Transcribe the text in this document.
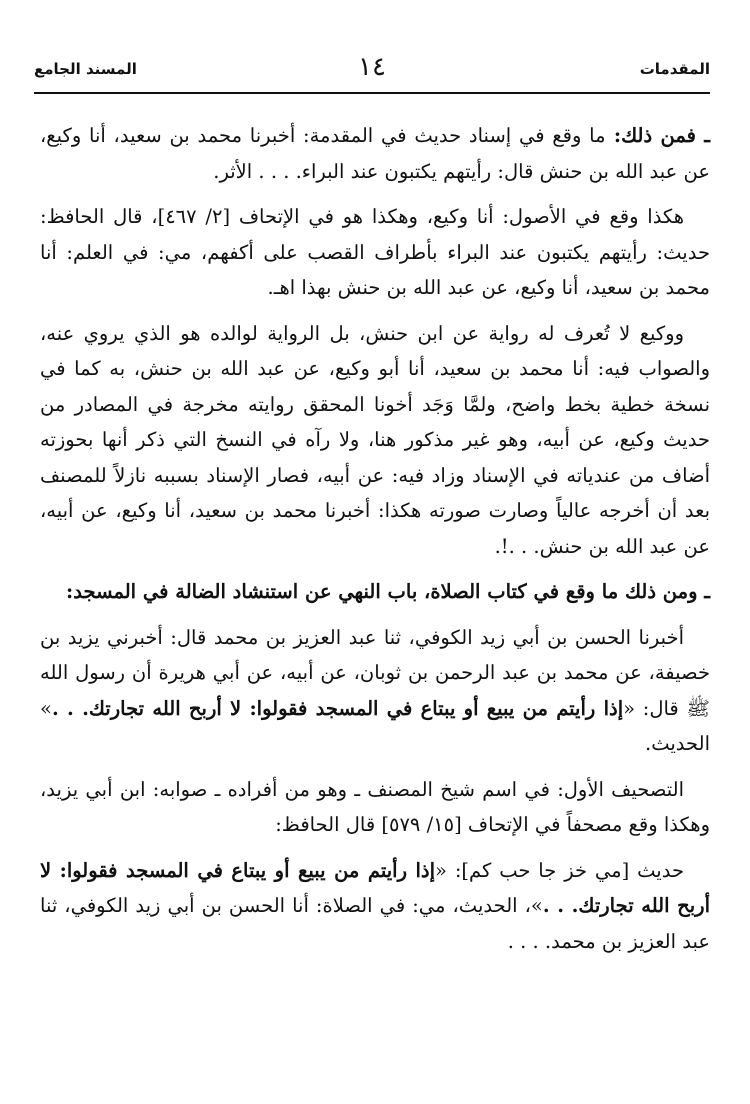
المقدمات
١٤
المسند الجامع

ـ فمن ذلك: ما وقع في إسناد حديث في المقدمة: أخبرنا محمد بن سعيد، أنا وكيع، عن عبد الله بن حنش قال: رأيتهم يكتبون عند البراء. . . . الأثر.

هكذا وقع في الأصول: أنا وكيع، وهكذا هو في الإتحاف [٢/ ٤٦٧]، قال الحافظ: حديث: رأيتهم يكتبون عند البراء بأطراف القصب على أكفهم، مي: في العلم: أنا محمد بن سعيد، أنا وكيع، عن عبد الله بن حنش بهذا اهـ.

ووكيع لا تُعرف له رواية عن ابن حنش، بل الرواية لوالده هو الذي يروي عنه، والصواب فيه: أنا محمد بن سعيد، أنا أبو وكيع، عن عبد الله بن حنش، به كما في نسخة خطية بخط واضح، ولمَّا وَجَد أخونا المحقق روايته مخرجة في المصادر من حديث وكيع، عن أبيه، وهو غير مذكور هنا، ولا رآه في النسخ التي ذكر أنها بحوزته أضاف من عندياته في الإسناد وزاد فيه: عن أبيه، فصار الإسناد بسببه نازلاً للمصنف بعد أن أخرجه عالياً وصارت صورته هكذا: أخبرنا محمد بن سعيد، أنا وكيع، عن أبيه، عن عبد الله بن حنش. . .!.

ـ ومن ذلك ما وقع في كتاب الصلاة، باب النهي عن استنشاد الضالة في المسجد:

أخبرنا الحسن بن أبي زيد الكوفي، ثنا عبد العزيز بن محمد قال: أخبرني يزيد بن خصيفة، عن محمد بن عبد الرحمن بن ثوبان، عن أبيه، عن أبي هريرة أن رسول الله ﷺ قال: «إذا رأيتم من يبيع أو يبتاع في المسجد فقولوا: لا أربح الله تجارتك. . .» الحديث.

التصحيف الأول: في اسم شيخ المصنف ـ وهو من أفراده ـ صوابه: ابن أبي يزيد، وهكذا وقع مصحفاً في الإتحاف [١٥/ ٥٧٩] قال الحافظ:

حديث [مي خز جا حب كم]: «إذا رأيتم من يبيع أو يبتاع في المسجد فقولوا: لا أربح الله تجارتك. . .»، الحديث، مي: في الصلاة: أنا الحسن بن أبي زيد الكوفي، ثنا عبد العزيز بن محمد. . . .
